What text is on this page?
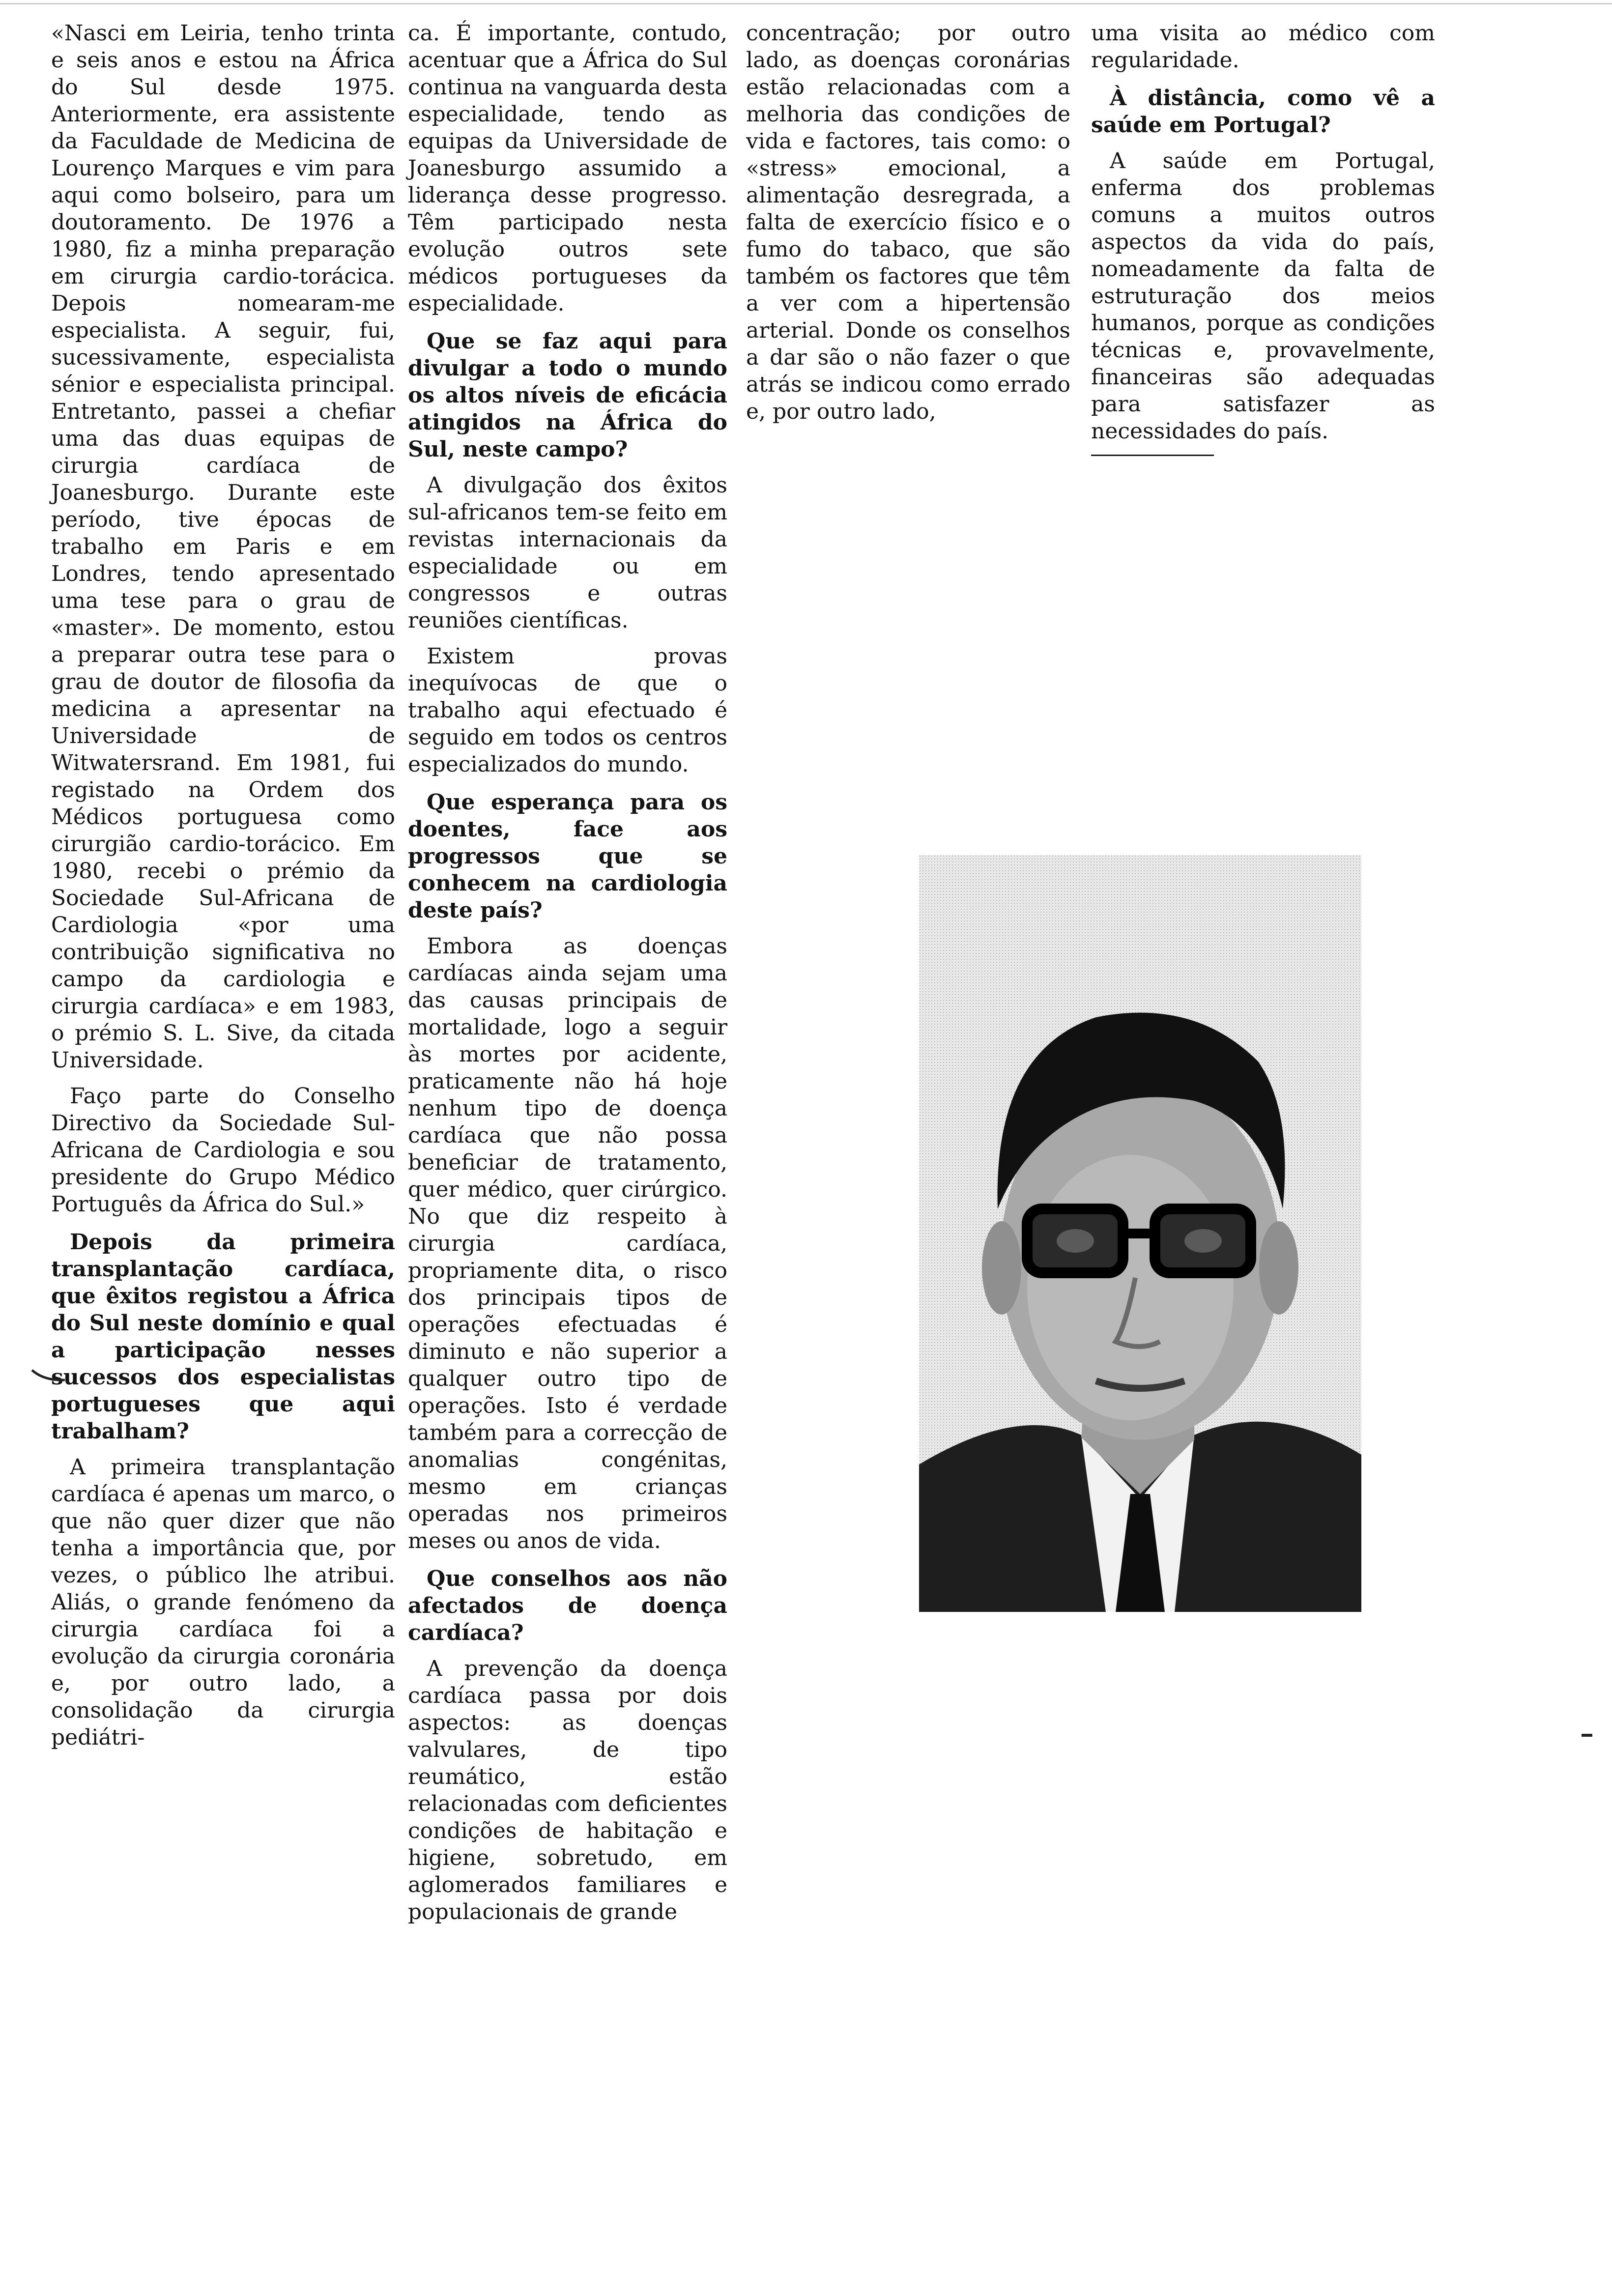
«Nasci em Leiria, tenho trinta e seis anos e estou na África do Sul desde 1975. Anteriormente, era assistente da Faculdade de Medicina de Lourenço Marques e vim para aqui como bolseiro, para um doutoramento. De 1976 a 1980, fiz a minha preparação em cirurgia cardio-torácica. Depois nomearam-me especialista. A seguir, fui, sucessivamente, especialista sénior e especialista principal. Entretanto, passei a chefiar uma das duas equipas de cirurgia cardíaca de Joanesburgo. Durante este período, tive épocas de trabalho em Paris e em Londres, tendo apresentado uma tese para o grau de «master». De momento, estou a preparar outra tese para o grau de doutor de filosofia da medicina a apresentar na Universidade de Witwatersrand. Em 1981, fui registado na Ordem dos Médicos portuguesa como cirurgião cardio-torácico. Em 1980, recebi o prémio da Sociedade Sul-Africana de Cardiologia «por uma contribuição significativa no campo da cardiologia e cirurgia cardíaca» e em 1983, o prémio S. L. Sive, da citada Universidade.

Faço parte do Conselho Directivo da Sociedade Sul-Africana de Cardiologia e sou presidente do Grupo Médico Português da África do Sul.»

Depois da primeira transplantação cardíaca, que êxitos registou a África do Sul neste domínio e qual a participação nesses sucessos dos especialistas portugueses que aqui trabalham?

A primeira transplantação cardíaca é apenas um marco, o que não quer dizer que não tenha a importância que, por vezes, o público lhe atribui. Aliás, o grande fenómeno da cirurgia cardíaca foi a evolução da cirurgia coronária e, por outro lado, a consolidação da cirurgia pediátri-

ca. É importante, contudo, acentuar que a África do Sul continua na vanguarda desta especialidade, tendo as equipas da Universidade de Joanesburgo assumido a liderança desse progresso. Têm participado nesta evolução outros sete médicos portugueses da especialidade.

Que se faz aqui para divulgar a todo o mundo os altos níveis de eficácia atingidos na África do Sul, neste campo?

A divulgação dos êxitos sul-africanos tem-se feito em revistas internacionais da especialidade ou em congressos e outras reuniões científicas.

Existem provas inequívocas de que o trabalho aqui efectuado é seguido em todos os centros especializados do mundo.

Que esperança para os doentes, face aos progressos que se conhecem na cardiologia deste país?

Embora as doenças cardíacas ainda sejam uma das causas principais de mortalidade, logo a seguir às mortes por acidente, praticamente não há hoje nenhum tipo de doença cardíaca que não possa beneficiar de tratamento, quer médico, quer cirúrgico. No que diz respeito à cirurgia cardíaca, propriamente dita, o risco dos principais tipos de operações efectuadas é diminuto e não superior a qualquer outro tipo de operações. Isto é verdade também para a correcção de anomalias congénitas, mesmo em crianças operadas nos primeiros meses ou anos de vida.

Que conselhos aos não afectados de doença cardíaca?

A prevenção da doença cardíaca passa por dois aspectos: as doenças valvulares, de tipo reumático, estão relacionadas com deficientes condições de habitação e higiene, sobretudo, em aglomerados familiares e populacionais de grande

concentração; por outro lado, as doenças coronárias estão relacionadas com a melhoria das condições de vida e factores, tais como: o «stress» emocional, a alimentação desregrada, a falta de exercício físico e o fumo do tabaco, que são também os factores que têm a ver com a hipertensão arterial. Donde os conselhos a dar são o não fazer o que atrás se indicou como errado e, por outro lado,

uma visita ao médico com regularidade.

À distância, como vê a saúde em Portugal?

A saúde em Portugal, enferma dos problemas comuns a muitos outros aspectos da vida do país, nomeadamente da falta de estruturação dos meios humanos, porque as condições técnicas e, provavelmente, financeiras são adequadas para satisfazer as necessidades do país.
